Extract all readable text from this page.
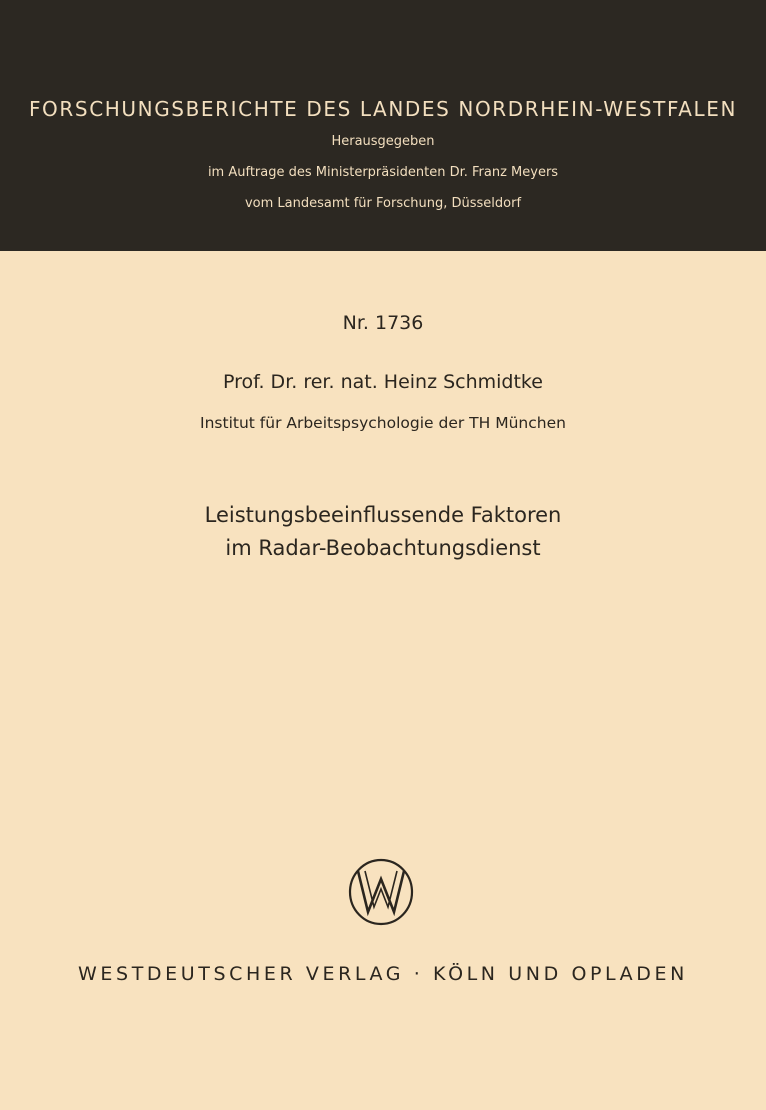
FORSCHUNGSBERICHTE DES LANDES NORDRHEIN-WESTFALEN
Herausgegeben
im Auftrage des Ministerpräsidenten Dr. Franz Meyers
vom Landesamt für Forschung, Düsseldorf
Nr. 1736
Prof. Dr. rer. nat. Heinz Schmidtke
Institut für Arbeitspsychologie der TH München
Leistungsbeeinflussende Faktoren
im Radar-Beobachtungsdienst
WESTDEUTSCHER VERLAG · KÖLN UND OPLADEN
